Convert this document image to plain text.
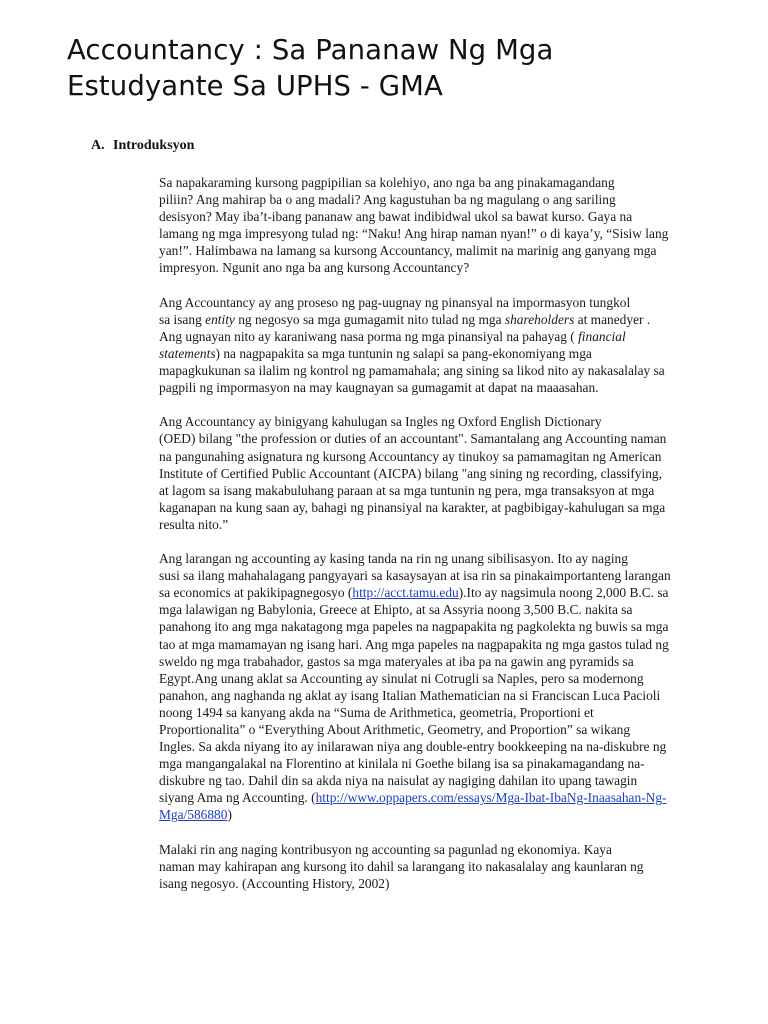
Accountancy : Sa Pananaw Ng Mga
Estudyante Sa UPHS - GMA
A. Introduksyon

Sa napakaraming kursong pagpipilian sa kolehiyo, ano nga ba ang pinakamagandang
piliin? Ang mahirap ba o ang madali? Ang kagustuhan ba ng magulang o ang sariling
desisyon? May iba’t-ibang pananaw ang bawat indibidwal ukol sa bawat kurso. Gaya na
lamang ng mga impresyong tulad ng: “Naku! Ang hirap naman nyan!” o di kaya’y, “Sisiw lang
yan!”. Halimbawa na lamang sa kursong Accountancy, malimit na marinig ang ganyang mga
impresyon. Ngunit ano nga ba ang kursong Accountancy?

Ang Accountancy ay ang proseso ng pag-uugnay ng pinansyal na impormasyon tungkol
sa isang entity ng negosyo sa mga gumagamit nito tulad ng mga shareholders at manedyer .
Ang ugnayan nito ay karaniwang nasa porma ng mga pinansiyal na pahayag ( financial
statements) na nagpapakita sa mga tuntunin ng salapi sa pang-ekonomiyang mga
mapagkukunan sa ilalim ng kontrol ng pamamahala; ang sining sa likod nito ay nakasalalay sa
pagpili ng impormasyon na may kaugnayan sa gumagamit at dapat na maaasahan.

Ang Accountancy ay binigyang kahulugan sa Ingles ng Oxford English Dictionary
(OED) bilang "the profession or duties of an accountant". Samantalang ang Accounting naman
na pangunahing asignatura ng kursong Accountancy ay tinukoy sa pamamagitan ng American
Institute of Certified Public Accountant (AICPA) bilang "ang sining ng recording, classifying,
at lagom sa isang makabuluhang paraan at sa mga tuntunin ng pera, mga transaksyon at mga
kaganapan na kung saan ay, bahagi ng pinansiyal na karakter, at pagbibigay-kahulugan sa mga
resulta nito.”

Ang larangan ng accounting ay kasing tanda na rin ng unang sibilisasyon. Ito ay naging
susi sa ilang mahahalagang pangyayari sa kasaysayan at isa rin sa pinakaimportanteng larangan
sa economics at pakikipagnegosyo (http://acct.tamu.edu).Ito ay nagsimula noong 2,000 B.C. sa
mga lalawigan ng Babylonia, Greece at Ehipto, at sa Assyria noong 3,500 B.C. nakita sa
panahong ito ang mga nakatagong mga papeles na nagpapakita ng pagkolekta ng buwis sa mga
tao at mga mamamayan ng isang hari. Ang mga papeles na nagpapakita ng mga gastos tulad ng
sweldo ng mga trabahador, gastos sa mga materyales at iba pa na gawin ang pyramids sa
Egypt.Ang unang aklat sa Accounting ay sinulat ni Cotrugli sa Naples, pero sa modernong
panahon, ang naghanda ng aklat ay isang Italian Mathematician na si Franciscan Luca Pacioli
noong 1494 sa kanyang akda na “Suma de Arithmetica, geometria, Proportioni et
Proportionalita” o “Everything About Arithmetic, Geometry, and Proportion” sa wikang
Ingles. Sa akda niyang ito ay inilarawan niya ang double-entry bookkeeping na na-diskubre ng
mga mangangalakal na Florentino at kinilala ni Goethe bilang isa sa pinakamagandang na-
diskubre ng tao. Dahil din sa akda niya na naisulat ay nagiging dahilan ito upang tawagin
siyang Ama ng Accounting. (http://www.oppapers.com/essays/Mga-Ibat-IbaNg-Inaasahan-Ng-
Mga/586880)

Malaki rin ang naging kontribusyon ng accounting sa pagunlad ng ekonomiya. Kaya
naman may kahirapan ang kursong ito dahil sa larangang ito nakasalalay ang kaunlaran ng
isang negosyo. (Accounting History, 2002)
